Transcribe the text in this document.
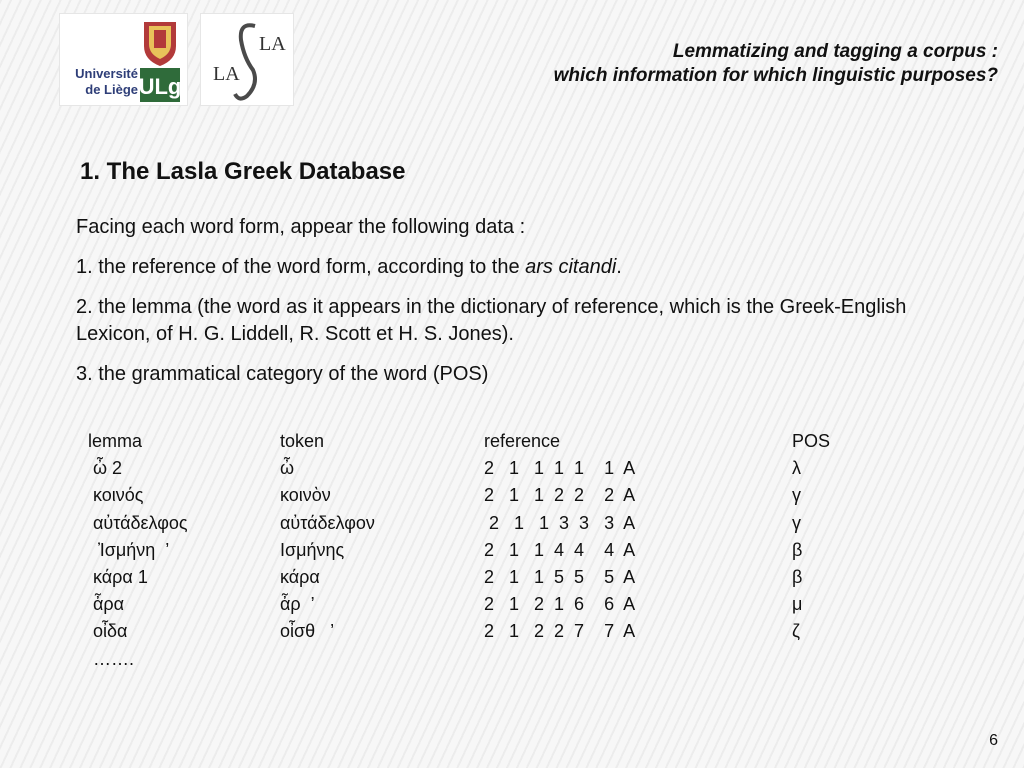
Université
de Liège ULg LA
LA
LASLA
Lemmatizing and tagging a corpus :
which information for which linguistic purposes?
1. The Lasla Greek Database

Facing each word form, appear the following data :

1. the reference of the word form, according to the ars citandi.

2. the lemma (the word as it appears in the dictionary of reference, which is the Greek-English Lexicon, of H. G. Liddell, R. Scott et H. S. Jones).

3. the grammatical category of the word (POS)

lemma
ὦ 2
κοινός
αὐτάδελφος
Ἰσμήνη  ’
κάρα 1
ἆρα
οἶδα
…….
token
ὦ
κοινὸν
αὐτάδελφον
Ισμήνης
κάρα
ἆρ  ’
οἶσθ   ’
reference
2   1   1  1  1    1  A
2   1   1  2  2    2  A
2   1   1  3  3   3  A
2   1   1  4  4    4  A
2   1   1  5  5    5  A
2   1   2  1  6    6  A
2   1   2  2  7    7  A
POS
λ
γ
γ
β
β
μ
ζ
6
